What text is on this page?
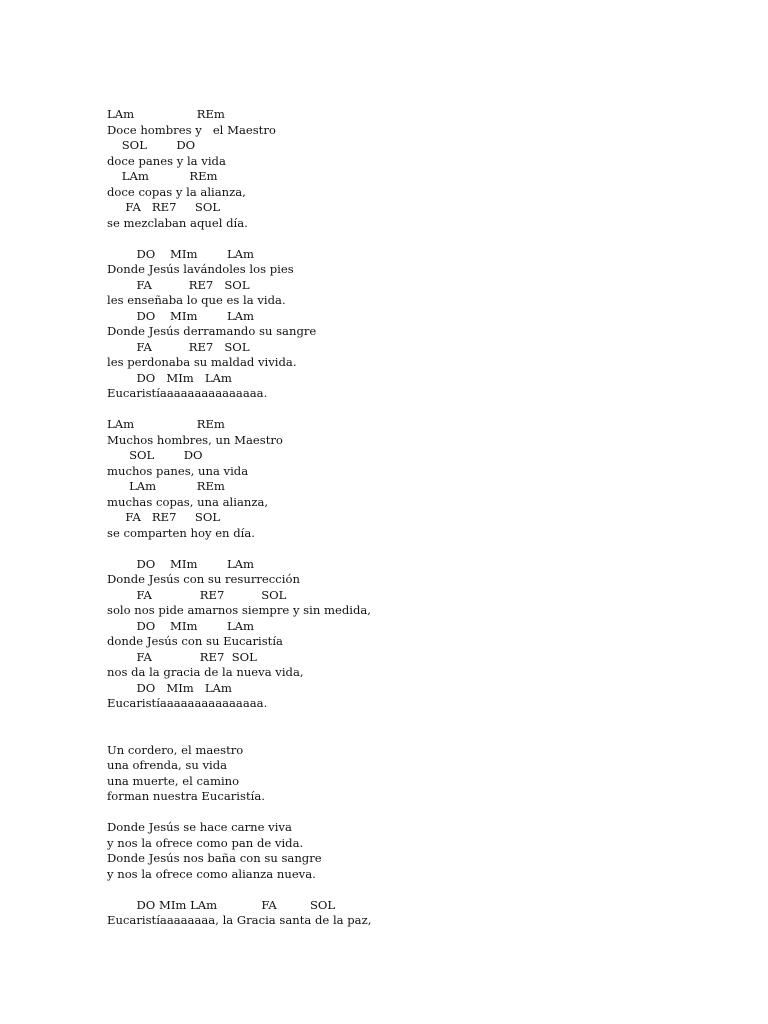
LAm                 REm
Doce hombres y   el Maestro
SOL        DO
doce panes y la vida
LAm           REm
doce copas y la alianza,
FA   RE7     SOL
se mezclaban aquel día.
DO    MIm        LAm
Donde Jesús lavándoles los pies
FA          RE7   SOL
les enseñaba lo que es la vida.
DO    MIm        LAm
Donde Jesús derramando su sangre
FA          RE7   SOL
les perdonaba su maldad vivida.
DO   MIm   LAm
Eucaristíaaaaaaaaaaaaaaa.
LAm                 REm
Muchos hombres, un Maestro
SOL        DO
muchos panes, una vida
LAm           REm
muchas copas, una alianza,
FA   RE7     SOL
se comparten hoy en día.
DO    MIm        LAm
Donde Jesús con su resurrección
FA             RE7          SOL
solo nos pide amarnos siempre y sin medida,
DO    MIm        LAm
donde Jesús con su Eucaristía
FA             RE7  SOL
nos da la gracia de la nueva vida,
DO   MIm   LAm
Eucaristíaaaaaaaaaaaaaaa.
Un cordero, el maestro
una ofrenda, su vida
una muerte, el camino
forman nuestra Eucaristía.
Donde Jesús se hace carne viva
y nos la ofrece como pan de vida.
Donde Jesús nos baña con su sangre
y nos la ofrece como alianza nueva.
DO MIm LAm            FA         SOL
Eucaristíaaaaaaaa, la Gracia santa de la paz,
